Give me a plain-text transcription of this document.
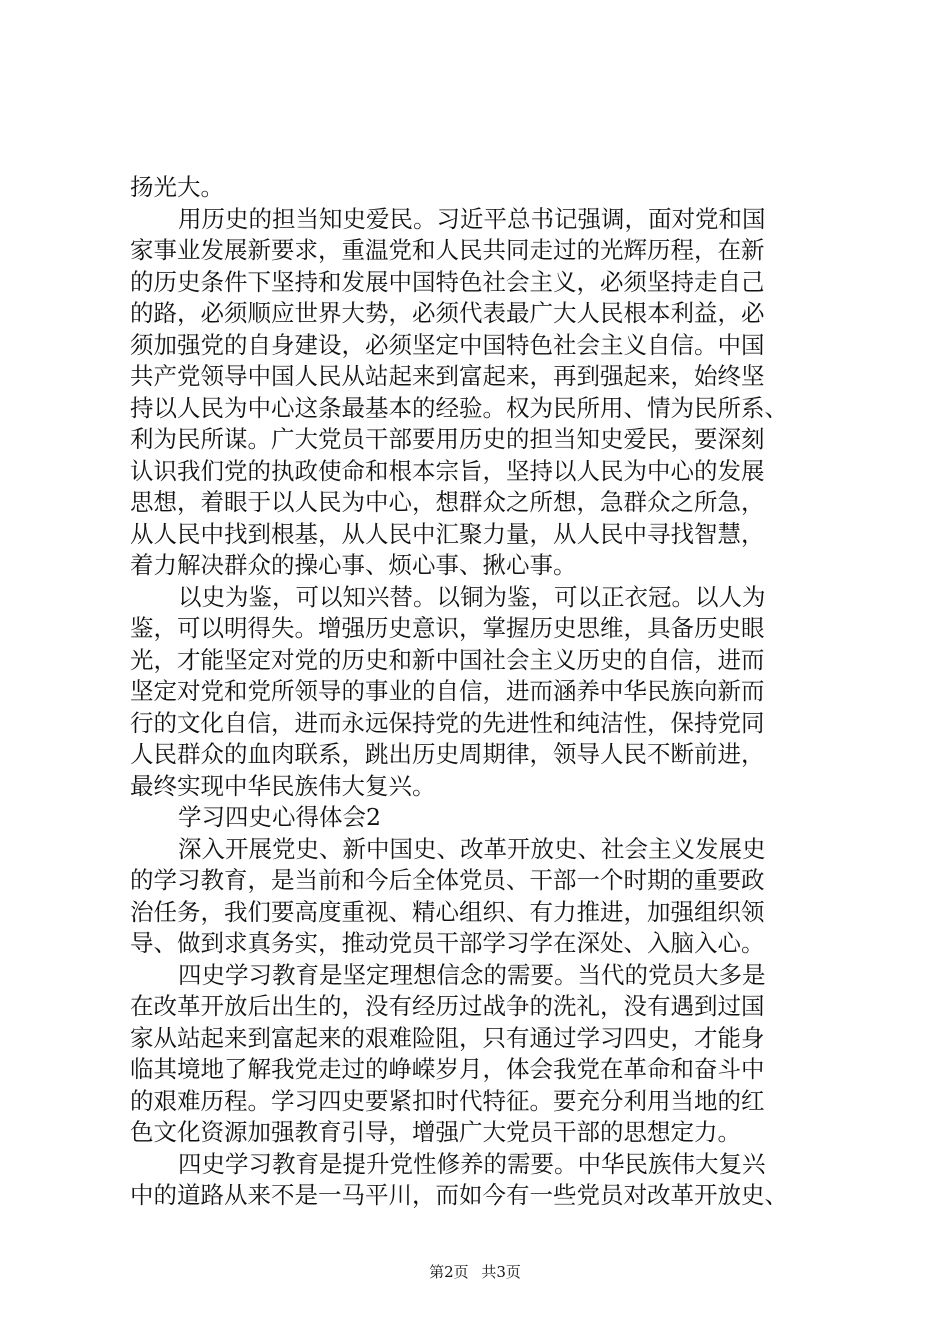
扬光大。
用历史的担当知史爱民。习近平总书记强调，面对党和国
家事业发展新要求，重温党和人民共同走过的光辉历程，在新
的历史条件下坚持和发展中国特色社会主义，必须坚持走自己
的路，必须顺应世界大势，必须代表最广大人民根本利益，必
须加强党的自身建设，必须坚定中国特色社会主义自信。中国
共产党领导中国人民从站起来到富起来，再到强起来，始终坚
持以人民为中心这条最基本的经验。权为民所用、情为民所系、
利为民所谋。广大党员干部要用历史的担当知史爱民，要深刻
认识我们党的执政使命和根本宗旨，坚持以人民为中心的发展
思想，着眼于以人民为中心，想群众之所想，急群众之所急，
从人民中找到根基，从人民中汇聚力量，从人民中寻找智慧，
着力解决群众的操心事、烦心事、揪心事。
以史为鉴，可以知兴替。以铜为鉴，可以正衣冠。以人为
鉴，可以明得失。增强历史意识，掌握历史思维，具备历史眼
光，才能坚定对党的历史和新中国社会主义历史的自信，进而
坚定对党和党所领导的事业的自信，进而涵养中华民族向新而
行的文化自信，进而永远保持党的先进性和纯洁性，保持党同
人民群众的血肉联系，跳出历史周期律，领导人民不断前进，
最终实现中华民族伟大复兴。
学习四史心得体会2
深入开展党史、新中国史、改革开放史、社会主义发展史
的学习教育，是当前和今后全体党员、干部一个时期的重要政
治任务，我们要高度重视、精心组织、有力推进，加强组织领
导、做到求真务实，推动党员干部学习学在深处、入脑入心。
四史学习教育是坚定理想信念的需要。当代的党员大多是
在改革开放后出生的，没有经历过战争的洗礼，没有遇到过国
家从站起来到富起来的艰难险阻，只有通过学习四史，才能身
临其境地了解我党走过的峥嵘岁月，体会我党在革命和奋斗中
的艰难历程。学习四史要紧扣时代特征。要充分利用当地的红
色文化资源加强教育引导，增强广大党员干部的思想定力。
四史学习教育是提升党性修养的需要。中华民族伟大复兴
中的道路从来不是一马平川，而如今有一些党员对改革开放史、
第2页 共3页
